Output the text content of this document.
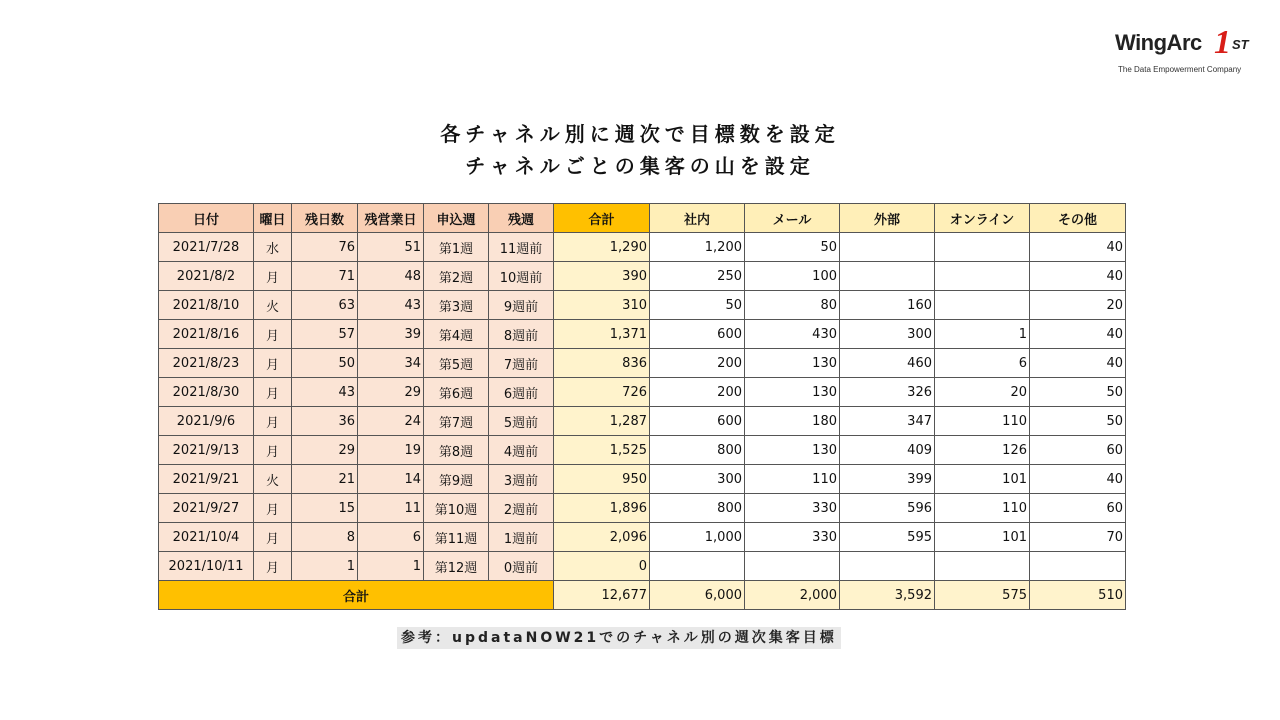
WingArc 1 ST
The Data Empowerment Company
各チャネル別に週次で目標数を設定
チャネルごとの集客の山を設定
日付	曜日	残日数	残営業日	申込週	残週	合計	社内	メール	外部	オンライン	その他
2021/7/28	水	76	51	第1週	11週前	1,290	1,200	50			40
2021/8/2	月	71	48	第2週	10週前	390	250	100			40
2021/8/10	火	63	43	第3週	9週前	310	50	80	160		20
2021/8/16	月	57	39	第4週	8週前	1,371	600	430	300	1	40
2021/8/23	月	50	34	第5週	7週前	836	200	130	460	6	40
2021/8/30	月	43	29	第6週	6週前	726	200	130	326	20	50
2021/9/6	月	36	24	第7週	5週前	1,287	600	180	347	110	50
2021/9/13	月	29	19	第8週	4週前	1,525	800	130	409	126	60
2021/9/21	火	21	14	第9週	3週前	950	300	110	399	101	40
2021/9/27	月	15	11	第10週	2週前	1,896	800	330	596	110	60
2021/10/4	月	8	6	第11週	1週前	2,096	1,000	330	595	101	70
2021/10/11	月	1	1	第12週	0週前	0					
合計						12,677	6,000	2,000	3,592	575	510
参考：updataNOW21でのチャネル別の週次集客目標
